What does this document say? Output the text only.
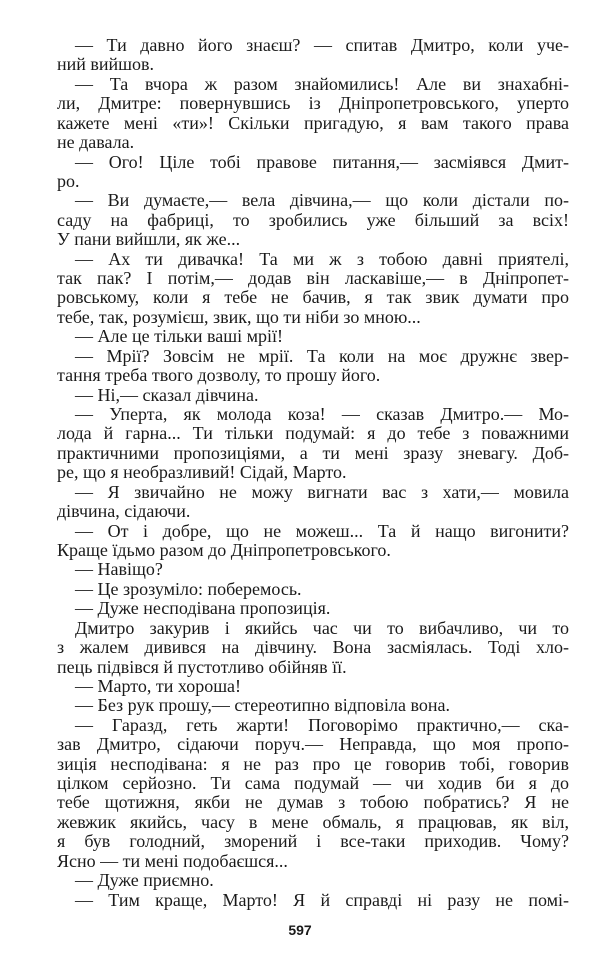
— Ти давно його знаєш? — спитав Дмитро, коли уче-
ний вийшов.
— Та вчора ж разом знайомились! Але ви знахабні-
ли, Дмитре: повернувшись із Дніпропетровського, уперто
кажете мені «ти»! Скільки пригадую, я вам такого права
не давала.
— Ого! Ціле тобі правове питання,— засміявся Дмит-
ро.
— Ви думаєте,— вела дівчина,— що коли дістали по-
саду на фабриці, то зробились уже більший за всіх!
У пани вийшли, як же...
— Ах ти дивачка! Та ми ж з тобою давні приятелі,
так пак? І потім,— додав він ласкавіше,— в Дніпропет-
ровському, коли я тебе не бачив, я так звик думати про
тебе, так, розумієш, звик, що ти ніби зо мною...
— Але це тільки ваші мрії!
— Мрії? Зовсім не мрії. Та коли на моє дружнє звер-
тання треба твого дозволу, то прошу його.
— Ні,— сказал дівчина.
— Уперта, як молода коза! — сказав Дмитро.— Мо-
лода й гарна... Ти тільки подумай: я до тебе з поважними
практичними пропозиціями, а ти мені зразу зневагу. Доб-
ре, що я необразливий! Сідай, Марто.
— Я звичайно не можу вигнати вас з хати,— мовила
дівчина, сідаючи.
— От і добре, що не можеш... Та й нащо вигонити?
Краще їдьмо разом до Дніпропетровського.
— Навіщо?
— Це зрозуміло: поберемось.
— Дуже несподівана пропозиція.
Дмитро закурив і якийсь час чи то вибачливо, чи то
з жалем дивився на дівчину. Вона засміялась. Тоді хло-
пець підвівся й пустотливо обійняв її.
— Марто, ти хороша!
— Без рук прошу,— стереотипно відповіла вона.
— Гаразд, геть жарти! Поговорімо практично,— ска-
зав Дмитро, сідаючи поруч.— Неправда, що моя пропо-
зиція несподівана: я не раз про це говорив тобі, говорив
цілком серйозно. Ти сама подумай — чи ходив би я до
тебе щотижня, якби не думав з тобою побратись? Я не
жевжик якийсь, часу в мене обмаль, я працював, як віл,
я був голодний, зморений і все-таки приходив. Чому?
Ясно — ти мені подобаєшся...
— Дуже приємно.
— Тим краще, Марто! Я й справді ні разу не помі-
597
